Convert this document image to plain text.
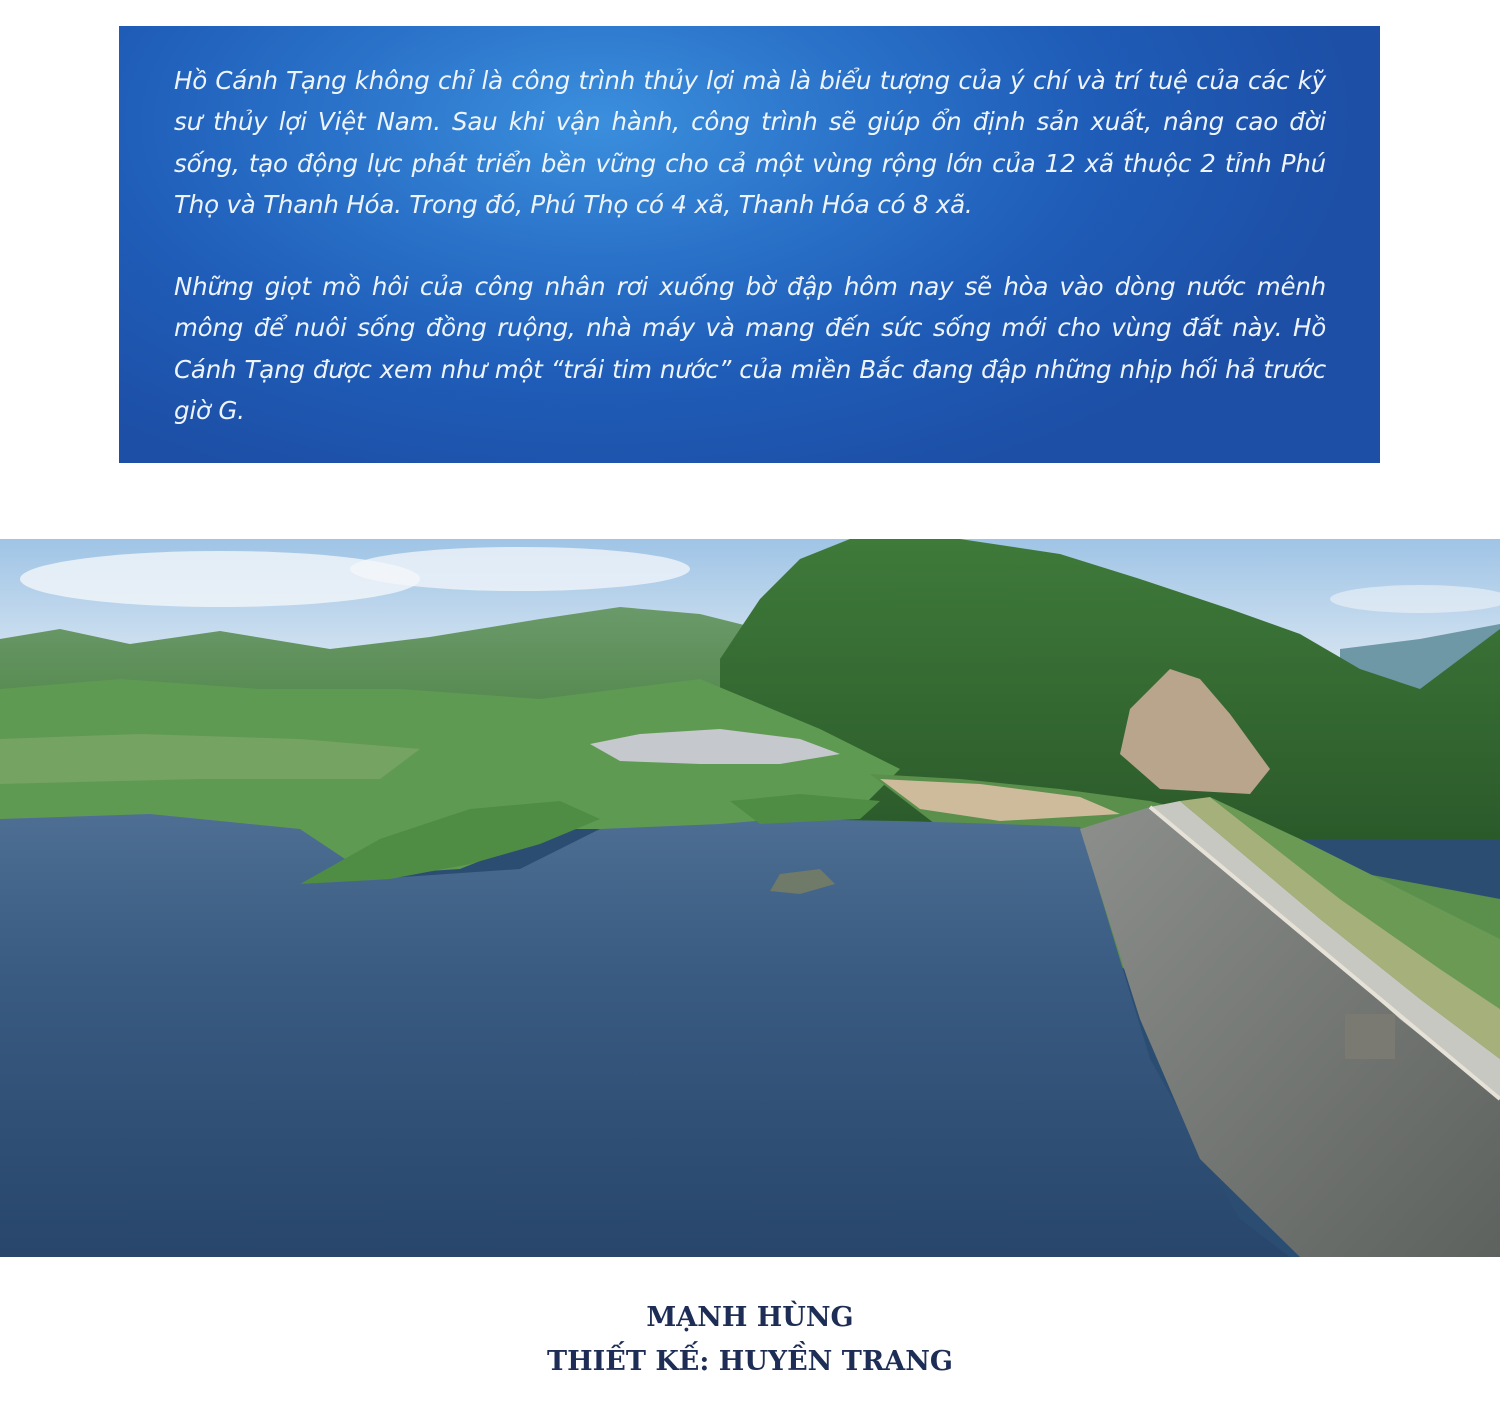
Hồ Cánh Tạng không chỉ là công trình thủy lợi mà là biểu tượng của ý chí và trí tuệ của các kỹ sư thủy lợi Việt Nam. Sau khi vận hành, công trình sẽ giúp ổn định sản xuất, nâng cao đời sống, tạo động lực phát triển bền vững cho cả một vùng rộng lớn của 12 xã thuộc 2 tỉnh Phú Thọ và Thanh Hóa. Trong đó, Phú Thọ có 4 xã, Thanh Hóa có 8 xã.

Những giọt mồ hôi của công nhân rơi xuống bờ đập hôm nay sẽ hòa vào dòng nước mênh mông để nuôi sống đồng ruộng, nhà máy và mang đến sức sống mới cho vùng đất này. Hồ Cánh Tạng được xem như một “trái tim nước” của miền Bắc đang đập những nhịp hối hả trước giờ G.

MẠNH HÙNG
THIẾT KẾ: HUYỀN TRANG
